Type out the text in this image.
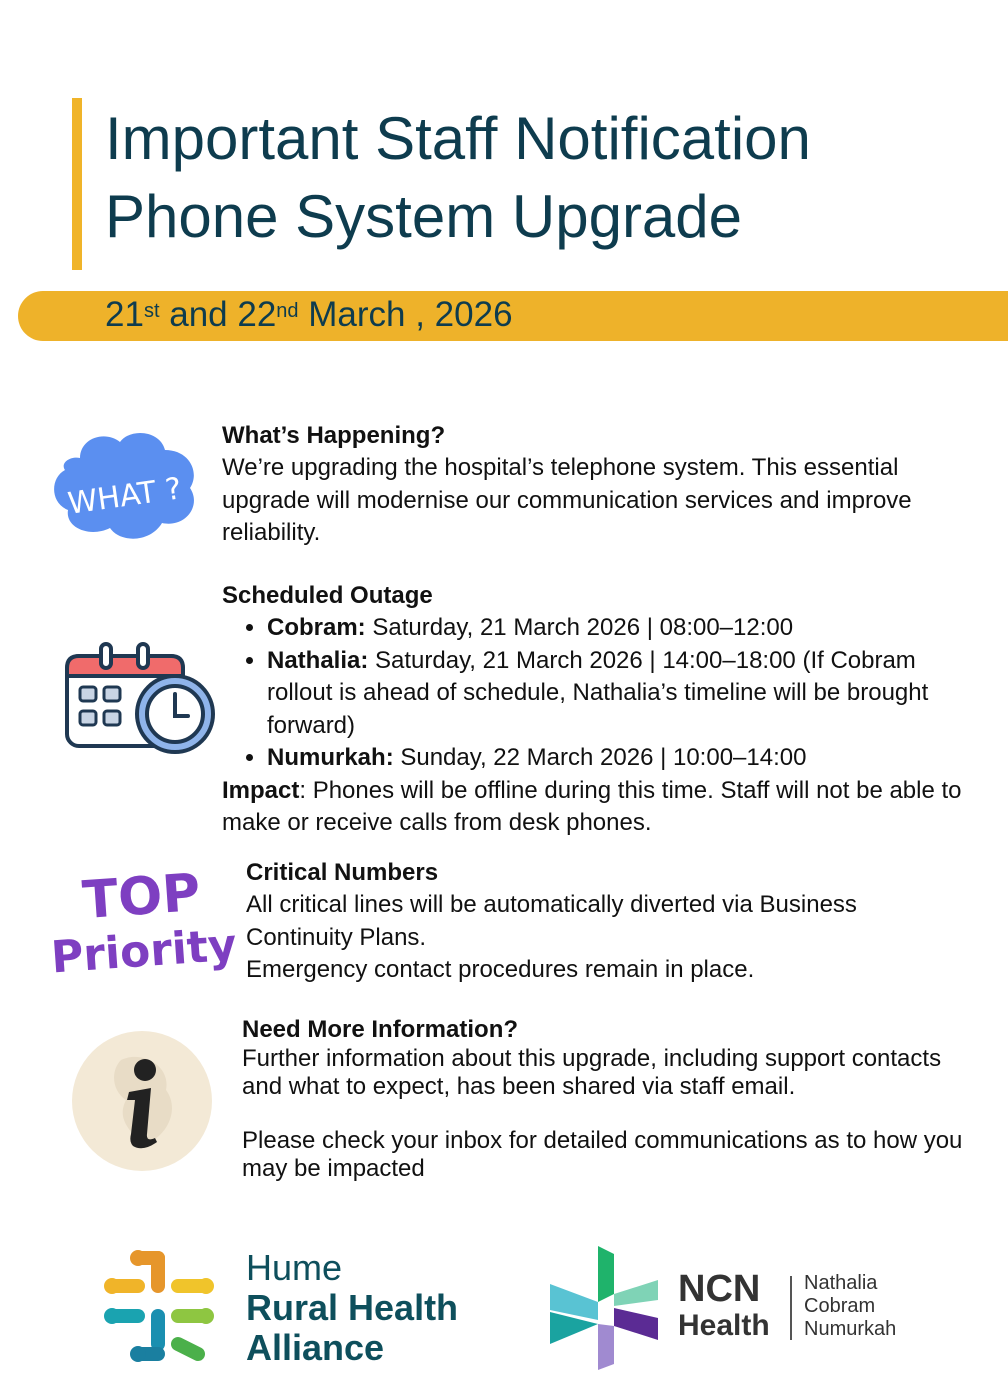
Important Staff Notification
Phone System Upgrade
21st and 22nd March , 2026
WHAT ?
What’s Happening?

We’re upgrading the hospital’s telephone system. This essential upgrade will modernise our communication services and improve reliability.

Scheduled Outage
• Cobram: Saturday, 21 March 2026 | 08:00–12:00
• Nathalia: Saturday, 21 March 2026 | 14:00–18:00 (If Cobram rollout is ahead of schedule, Nathalia’s timeline will be brought forward)
• Numurkah: Sunday, 22 March 2026 | 10:00–14:00

Impact: Phones will be offline during this time. Staff will not be able to make or receive calls from desk phones.

TOP
Priority
Critical Numbers

All critical lines will be automatically diverted via Business Continuity Plans.

Emergency contact procedures remain in place.

Need More Information?

Further information about this upgrade, including support contacts and what to expect, has been shared via staff email.

Please check your inbox for detailed communications as to how you may be impacted

Hume
Rural Health
Alliance
NCN
Health
Nathalia
Cobram
Numurkah
